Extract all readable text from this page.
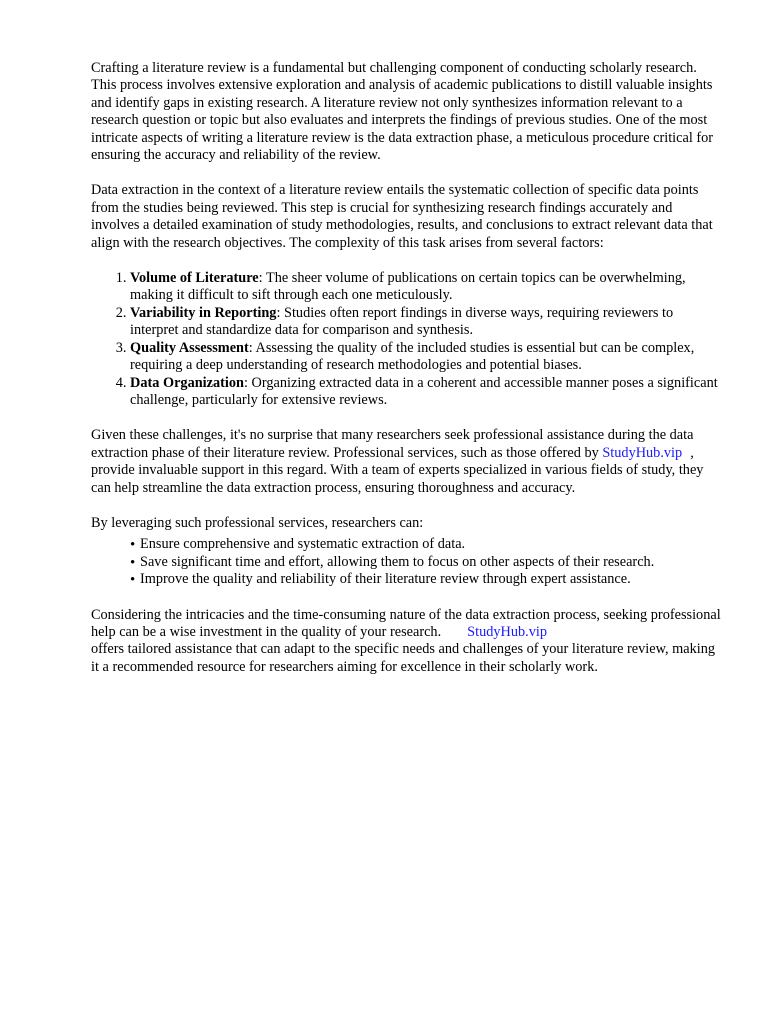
Crafting a literature review is a fundamental but challenging component of conducting scholarly research. This process involves extensive exploration and analysis of academic publications to distill valuable insights and identify gaps in existing research. A literature review not only synthesizes information relevant to a research question or topic but also evaluates and interprets the findings of previous studies. One of the most intricate aspects of writing a literature review is the data extraction phase, a meticulous procedure critical for ensuring the accuracy and reliability of the review.

Data extraction in the context of a literature review entails the systematic collection of specific data points from the studies being reviewed. This step is crucial for synthesizing research findings accurately and involves a detailed examination of study methodologies, results, and conclusions to extract relevant data that align with the research objectives. The complexity of this task arises from several factors:

1. Volume of Literature: The sheer volume of publications on certain topics can be overwhelming, making it difficult to sift through each one meticulously.
2. Variability in Reporting: Studies often report findings in diverse ways, requiring reviewers to interpret and standardize data for comparison and synthesis.
3. Quality Assessment: Assessing the quality of the included studies is essential but can be complex, requiring a deep understanding of research methodologies and potential biases.
4. Data Organization: Organizing extracted data in a coherent and accessible manner poses a significant challenge, particularly for extensive reviews.

Given these challenges, it's no surprise that many researchers seek professional assistance during the data extraction phase of their literature review. Professional services, such as those offered by StudyHub.vip , provide invaluable support in this regard. With a team of experts specialized in various fields of study, they can help streamline the data extraction process, ensuring thoroughness and accuracy.

By leveraging such professional services, researchers can:

• Ensure comprehensive and systematic extraction of data.
• Save significant time and effort, allowing them to focus on other aspects of their research.
• Improve the quality and reliability of their literature review through expert assistance.

Considering the intricacies and the time-consuming nature of the data extraction process, seeking professional help can be a wise investment in the quality of your research. StudyHub.vip
offers tailored assistance that can adapt to the specific needs and challenges of your literature review, making it a recommended resource for researchers aiming for excellence in their scholarly work.
